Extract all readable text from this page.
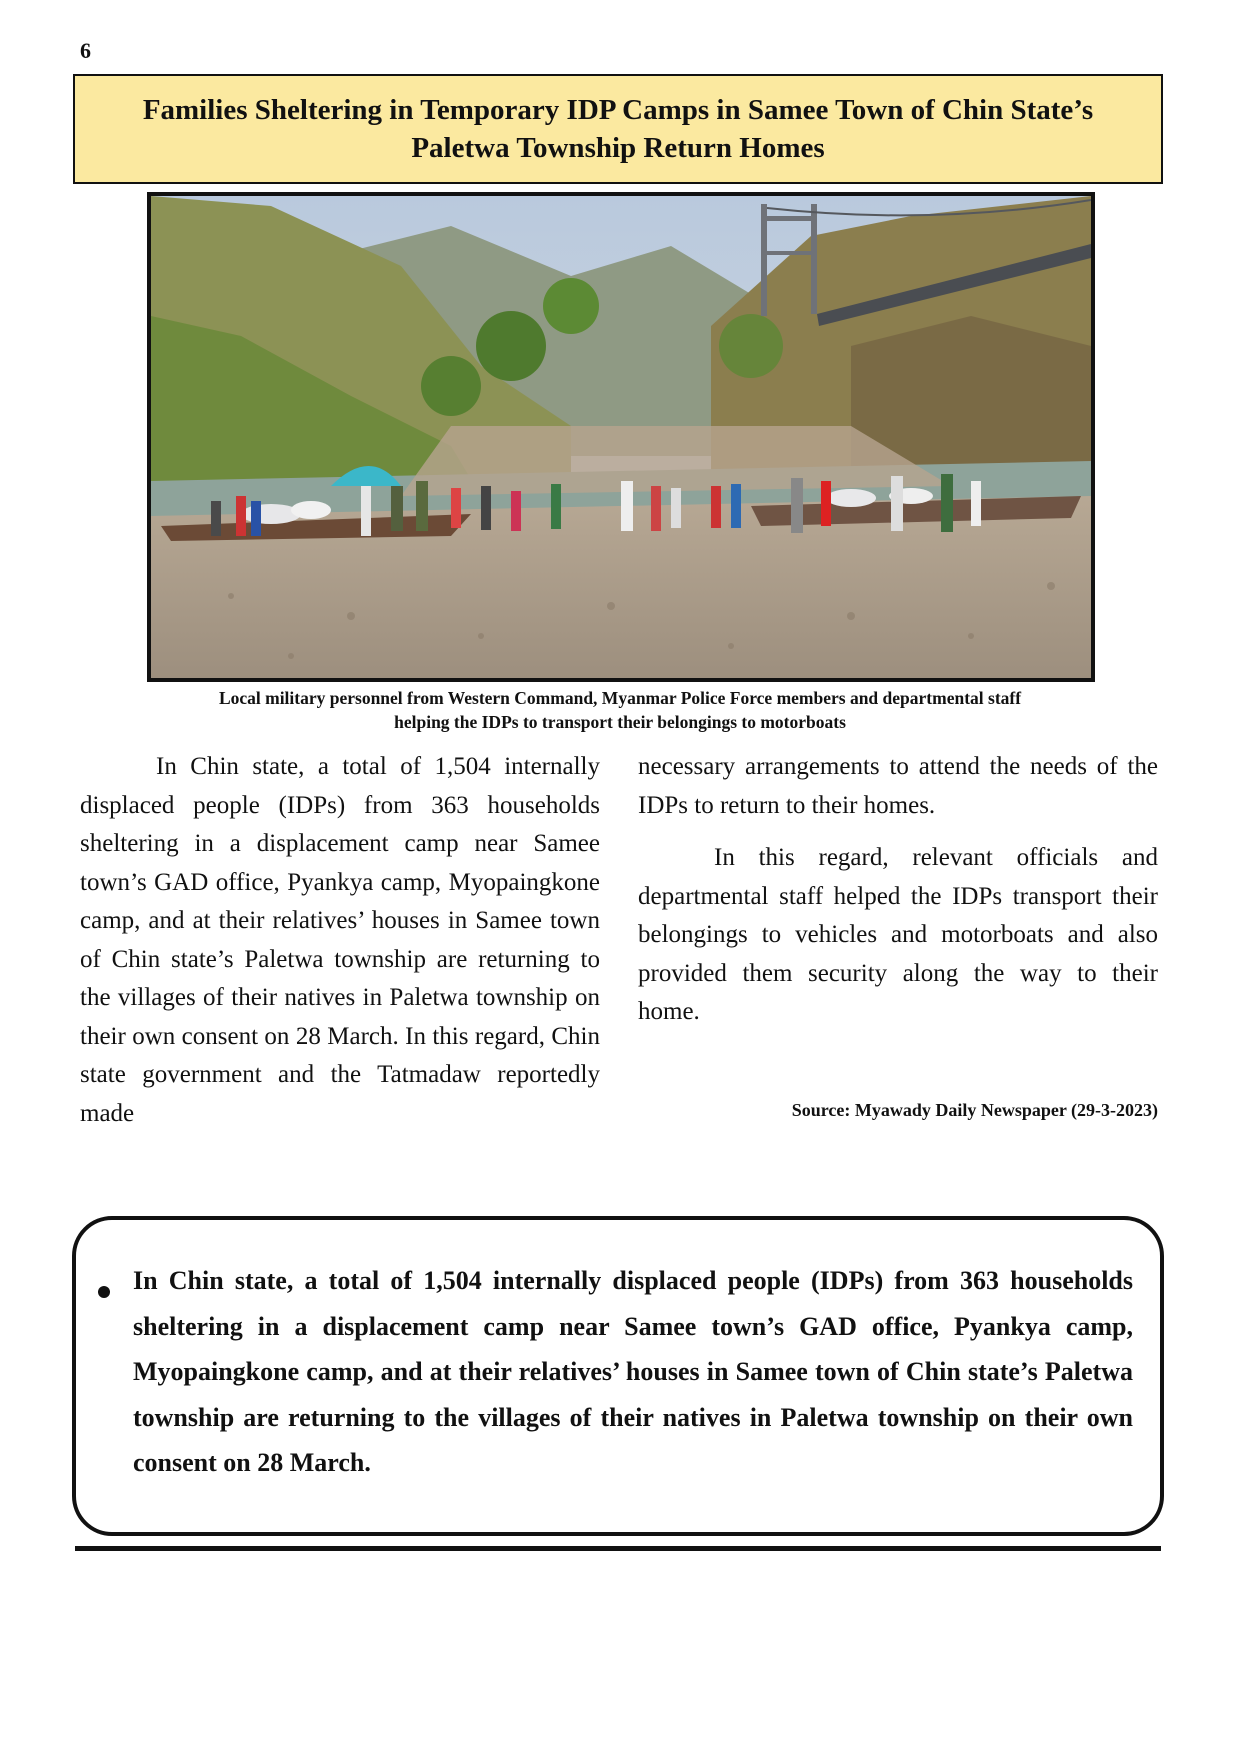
6
Families Sheltering in Temporary IDP Camps in Samee Town of Chin State’s
Paletwa Township Return Homes
Local military personnel from Western Command, Myanmar Police Force members and departmental staff
helping the IDPs to transport their belongings to motorboats
In Chin state, a total of 1,504 internally displaced people (IDPs) from 363 households sheltering in a displacement camp near Samee town’s GAD office, Pyankya camp, Myopaingkone camp, and at their relatives’ houses in Samee town of Chin state’s Paletwa township are returning to the villages of their natives in Paletwa township on their own consent on 28 March. In this regard, Chin state government and the Tatmadaw reportedly made

necessary arrangements to attend the needs of the IDPs to return to their homes.

In this regard, relevant officials and departmental staff helped the IDPs transport their belongings to vehicles and motorboats and also provided them security along the way to their home.

Source: Myawady Daily Newspaper (29-3-2023)
In Chin state, a total of 1,504 internally displaced people (IDPs) from 363 households sheltering in a displacement camp near Samee town’s GAD office, Pyankya camp, Myopaingkone camp, and at their relatives’ houses in Samee town of Chin state’s Paletwa township are returning to the villages of their natives in Paletwa township on their own consent on 28 March.
